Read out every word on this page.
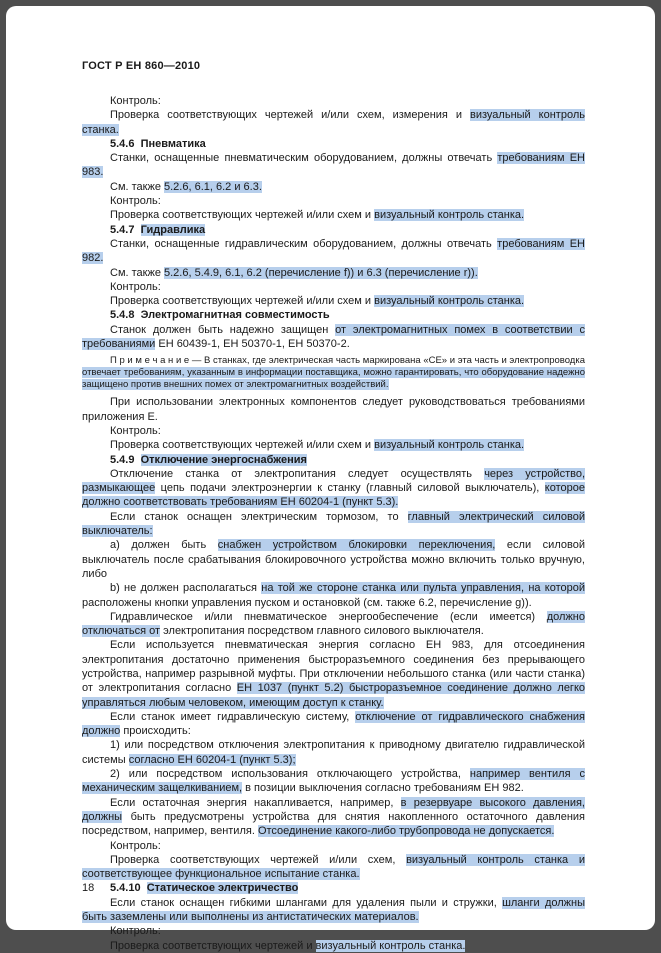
ГОСТ Р ЕН 860—2010

Контроль:

Проверка соответствующих чертежей и/или схем, измерения и визуальный контроль станка.

5.4.6  Пневматика

Станки, оснащенные пневматическим оборудованием, должны отвечать требованиям ЕН 983.

См. также 5.2.6, 6.1, 6.2 и 6.3.

Контроль:

Проверка соответствующих чертежей и/или схем и визуальный контроль станка.

5.4.7  Гидравлика

Станки, оснащенные гидравлическим оборудованием, должны отвечать требованиям ЕН 982.

См. также 5.2.6, 5.4.9, 6.1, 6.2 (перечисление f)) и 6.3 (перечисление r)).

Контроль:

Проверка соответствующих чертежей и/или схем и визуальный контроль станка.

5.4.8  Электромагнитная совместимость

Станок должен быть надежно защищен от электромагнитных помех в соответствии с требованиями ЕН 60439-1, ЕН 50370-1, ЕН 50370-2.

П р и м е ч а н и е — В станках, где электрическая часть маркирована «СЕ» и эта часть и электропроводка отвечает требованиям, указанным в информации поставщика, можно гарантировать, что оборудование надежно защищено против внешних помех от электромагнитных воздействий.

При использовании электронных компонентов следует руководствоваться требованиями приложения Е.

Контроль:

Проверка соответствующих чертежей и/или схем и визуальный контроль станка.

5.4.9  Отключение энергоснабжения

Отключение станка от электропитания следует осуществлять через устройство, размыкающее цепь подачи электроэнергии к станку (главный силовой выключатель), которое должно соответствовать требованиям ЕН 60204-1 (пункт 5.3).

Если станок оснащен электрическим тормозом, то главный электрический силовой выключатель:

а) должен быть снабжен устройством блокировки переключения, если силовой выключатель после срабатывания блокировочного устройства можно включить только вручную, либо

b) не должен располагаться на той же стороне станка или пульта управления, на которой расположены кнопки управления пуском и остановкой (см. также 6.2, перечисление g)).

Гидравлическое и/или пневматическое энергообеспечение (если имеется) должно отключаться от электропитания посредством главного силового выключателя.

Если используется пневматическая энергия согласно ЕН 983, для отсоединения электропитания достаточно применения быстроразъемного соединения без прерывающего устройства, например разрывной муфты. При отключении небольшого станка (или части станка) от электропитания согласно ЕН 1037 (пункт 5.2) быстроразъемное соединение должно легко управляться любым человеком, имеющим доступ к станку.

Если станок имеет гидравлическую систему, отключение от гидравлического снабжения должно происходить:

1) или посредством отключения электропитания к приводному двигателю гидравлической системы согласно ЕН 60204-1 (пункт 5.3);

2) или посредством использования отключающего устройства, например вентиля с механическим защелкиванием, в позиции выключения согласно требованиям ЕН 982.

Если остаточная энергия накапливается, например, в резервуаре высокого давления, должны быть предусмотрены устройства для снятия накопленного остаточного давления посредством, например, вентиля. Отсоединение какого-либо трубопровода не допускается.

Контроль:

Проверка соответствующих чертежей и/или схем, визуальный контроль станка и соответствующее функциональное испытание станка.

5.4.10  Статическое электричество

Если станок оснащен гибкими шлангами для удаления пыли и стружки, шланги должны быть заземлены или выполнены из антистатических материалов.

Контроль:

Проверка соответствующих чертежей и визуальный контроль станка.

18
